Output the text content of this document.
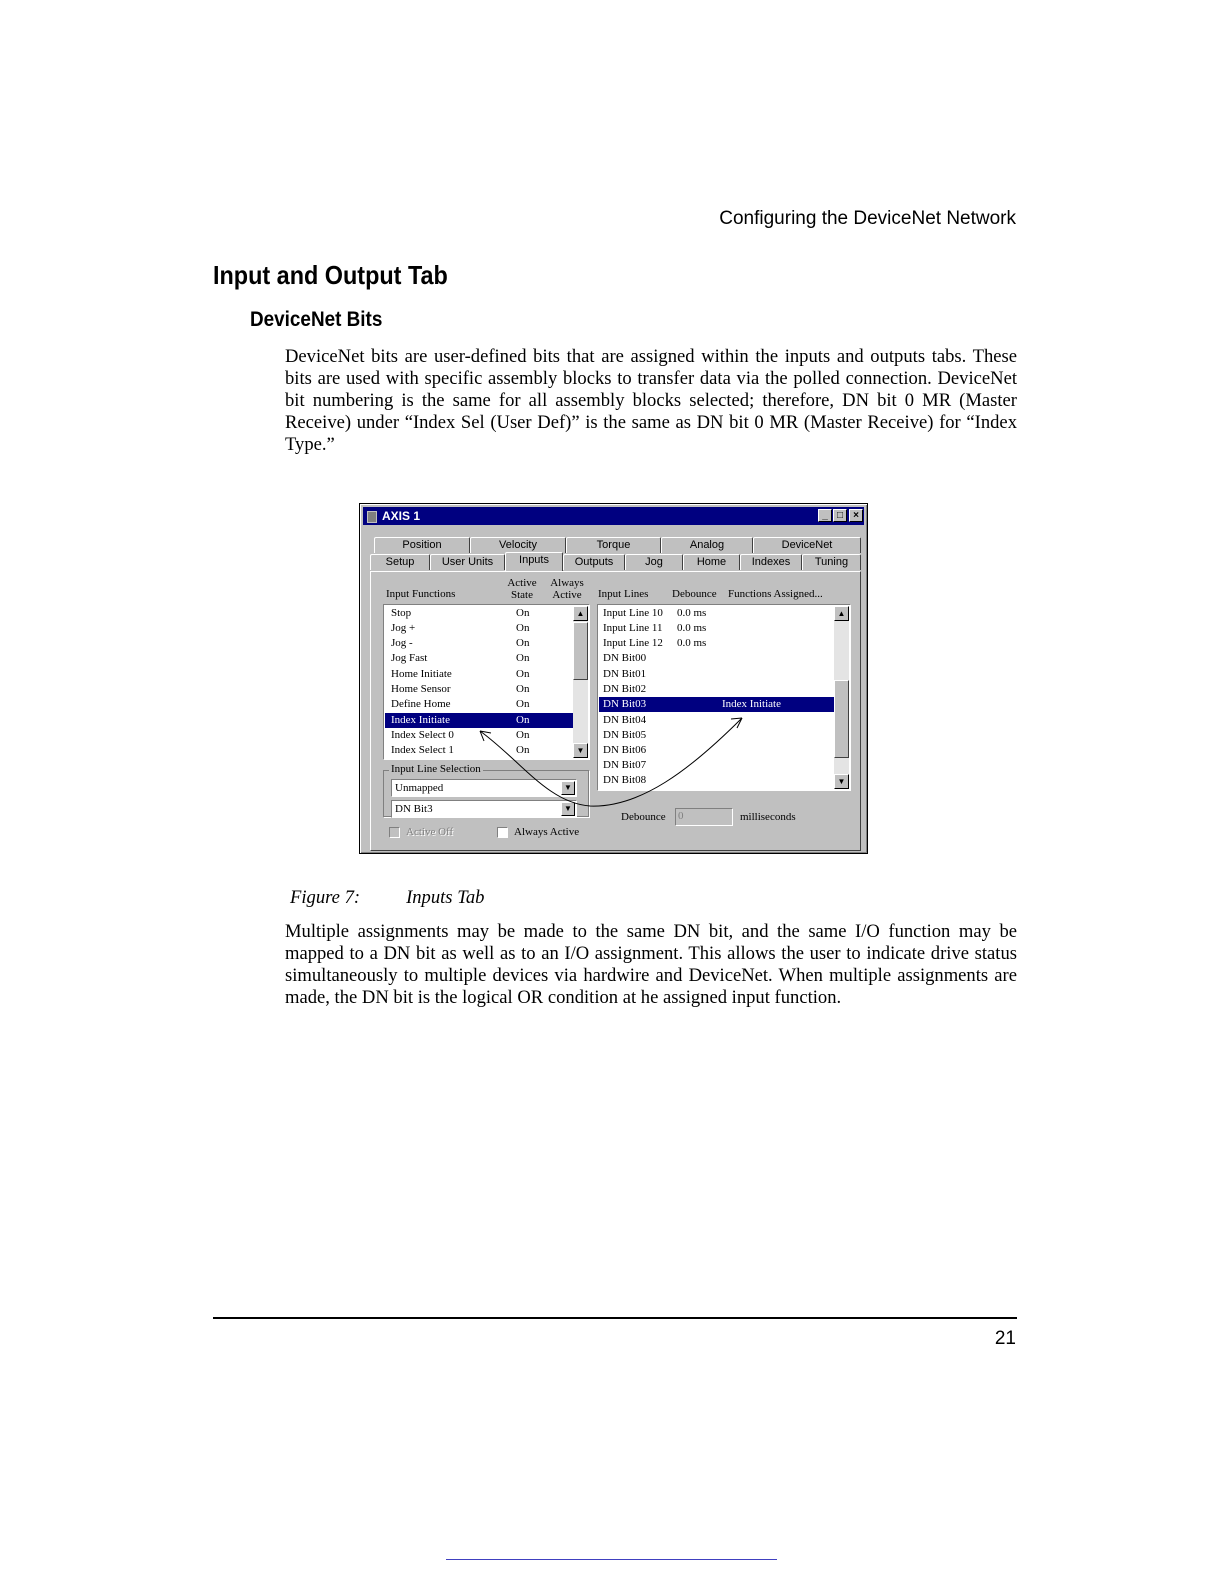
Configuring the DeviceNet Network
Input and Output Tab
DeviceNet Bits

DeviceNet bits are user-defined bits that are assigned within the inputs and outputs tabs. These bits are used with specific assembly blocks to transfer data via the polled connection. DeviceNet bit numbering is the same for all assembly blocks selected; therefore, DN bit 0 MR (Master Receive) under “Index Sel (User Def)” is the same as DN bit 0 MR (Master Receive) for “Index Type.”

AXIS 1	_ □	×
Position	Velocity	Torque	Analog	DeviceNet
Setup	User Units	Inputs	Outputs	Jog	Home	Indexes	Tuning
Input Functions
Active
State
Always
Active	Input Lines Debounce Functions Assigned...
Stop	On
Jog +	On
Jog -	On
Jog Fast	On
Home Initiate	On
Home Sensor	On
Define Home	On
Index Initiate	On
Index Select 0	On
Index Select 1	On
▲
▼
Input Line 10 0.0 ms
Input Line 11 0.0 ms
Input Line 12 0.0 ms
DN Bit00
DN Bit01
DN Bit02
DN Bit03	Index Initiate
DN Bit04
DN Bit05
DN Bit06
DN Bit07
DN Bit08
▲
▼
Input Line Selection
Unmapped	▼
DN Bit3	▼
Active Off	Always Active
Debounce 0	milliseconds
Figure 7: Inputs Tab

Multiple assignments may be made to the same DN bit, and the same I/O function may be mapped to a DN bit as well as to an I/O assignment. This allows the user to indicate drive status simultaneously to multiple devices via hardwire and DeviceNet. When multiple assignments are made, the DN bit is the logical OR condition at he assigned input function.

21
